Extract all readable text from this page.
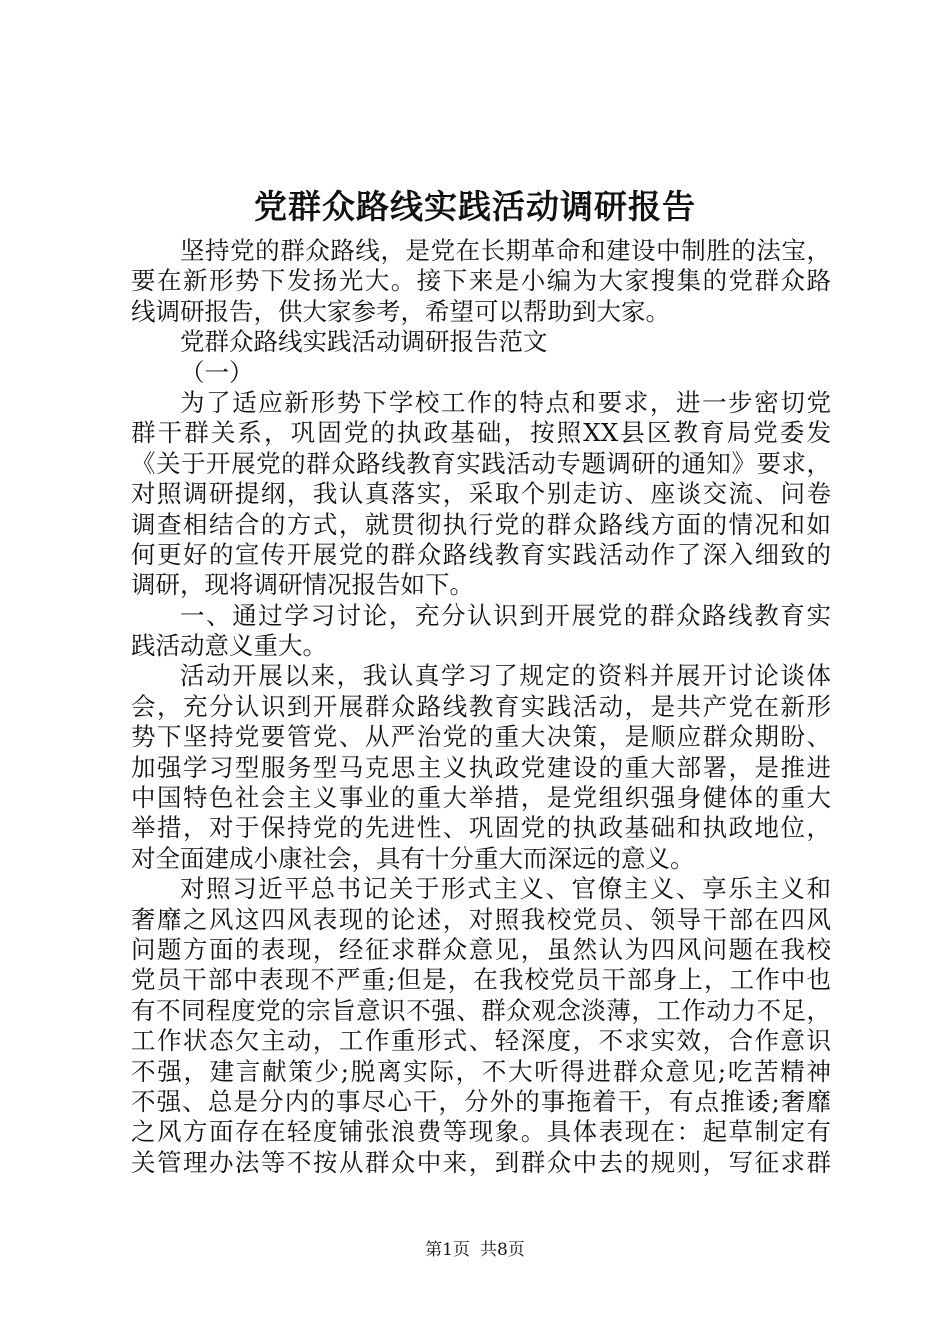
党群众路线实践活动调研报告
坚持党的群众路线，是党在长期革命和建设中制胜的法宝，
要在新形势下发扬光大。接下来是小编为大家搜集的党群众路
线调研报告，供大家参考，希望可以帮助到大家。
党群众路线实践活动调研报告范文
（一）
为了适应新形势下学校工作的特点和要求，进一步密切党
群干群关系，巩固党的执政基础，按照XX县区教育局党委发
《关于开展党的群众路线教育实践活动专题调研的通知》要求，
对照调研提纲，我认真落实，采取个别走访、座谈交流、问卷
调查相结合的方式，就贯彻执行党的群众路线方面的情况和如
何更好的宣传开展党的群众路线教育实践活动作了深入细致的
调研，现将调研情况报告如下。
一、通过学习讨论，充分认识到开展党的群众路线教育实
践活动意义重大。
活动开展以来，我认真学习了规定的资料并展开讨论谈体
会，充分认识到开展群众路线教育实践活动，是共产党在新形
势下坚持党要管党、从严治党的重大决策，是顺应群众期盼、
加强学习型服务型马克思主义执政党建设的重大部署，是推进
中国特色社会主义事业的重大举措，是党组织强身健体的重大
举措，对于保持党的先进性、巩固党的执政基础和执政地位，
对全面建成小康社会，具有十分重大而深远的意义。
对照习近平总书记关于形式主义、官僚主义、享乐主义和
奢靡之风这四风表现的论述，对照我校党员、领导干部在四风
问题方面的表现，经征求群众意见，虽然认为四风问题在我校
党员干部中表现不严重;但是，在我校党员干部身上，工作中也
有不同程度党的宗旨意识不强、群众观念淡薄，工作动力不足，
工作状态欠主动，工作重形式、轻深度，不求实效，合作意识
不强，建言献策少;脱离实际，不大听得进群众意见;吃苦精神
不强、总是分内的事尽心干，分外的事拖着干，有点推诿;奢靡
之风方面存在轻度铺张浪费等现象。具体表现在：起草制定有
关管理办法等不按从群众中来，到群众中去的规则，写征求群
第1页 共8页
